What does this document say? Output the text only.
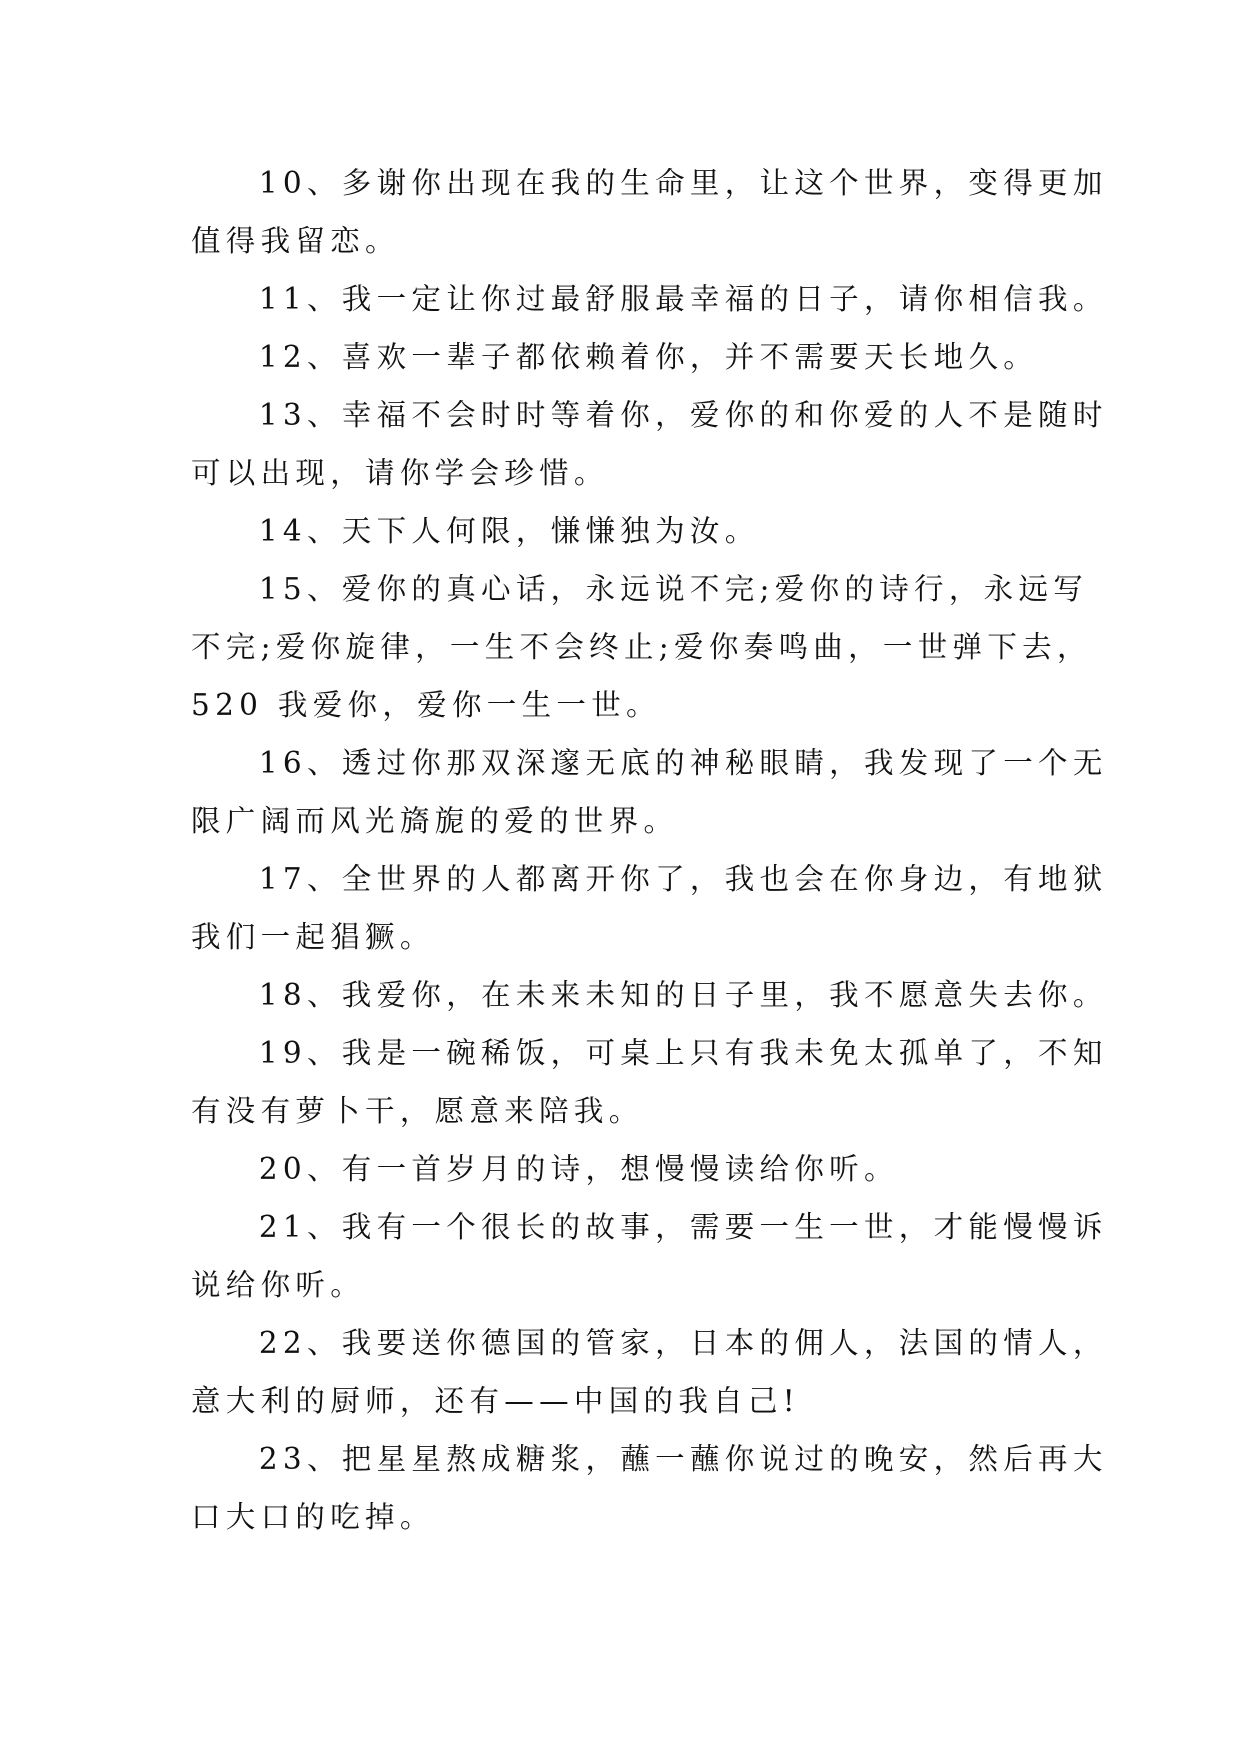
10、多谢你出现在我的生命里，让这个世界，变得更加
值得我留恋。

11、我一定让你过最舒服最幸福的日子，请你相信我。

12、喜欢一辈子都依赖着你，并不需要天长地久。

13、幸福不会时时等着你，爱你的和你爱的人不是随时
可以出现，请你学会珍惜。

14、天下人何限，慊慊独为汝。

15、爱你的真心话，永远说不完;爱你的诗行，永远写
不完;爱你旋律，一生不会终止;爱你奏鸣曲，一世弹下去，
520 我爱你，爱你一生一世。

16、透过你那双深邃无底的神秘眼睛，我发现了一个无
限广阔而风光旖旎的爱的世界。

17、全世界的人都离开你了，我也会在你身边，有地狱
我们一起猖獗。

18、我爱你，在未来未知的日子里，我不愿意失去你。

19、我是一碗稀饭，可桌上只有我未免太孤单了，不知
有没有萝卜干，愿意来陪我。

20、有一首岁月的诗，想慢慢读给你听。

21、我有一个很长的故事，需要一生一世，才能慢慢诉
说给你听。

22、我要送你德国的管家，日本的佣人，法国的情人，
意大利的厨师，还有——中国的我自己!

23、把星星熬成糖浆，蘸一蘸你说过的晚安，然后再大
口大口的吃掉。
